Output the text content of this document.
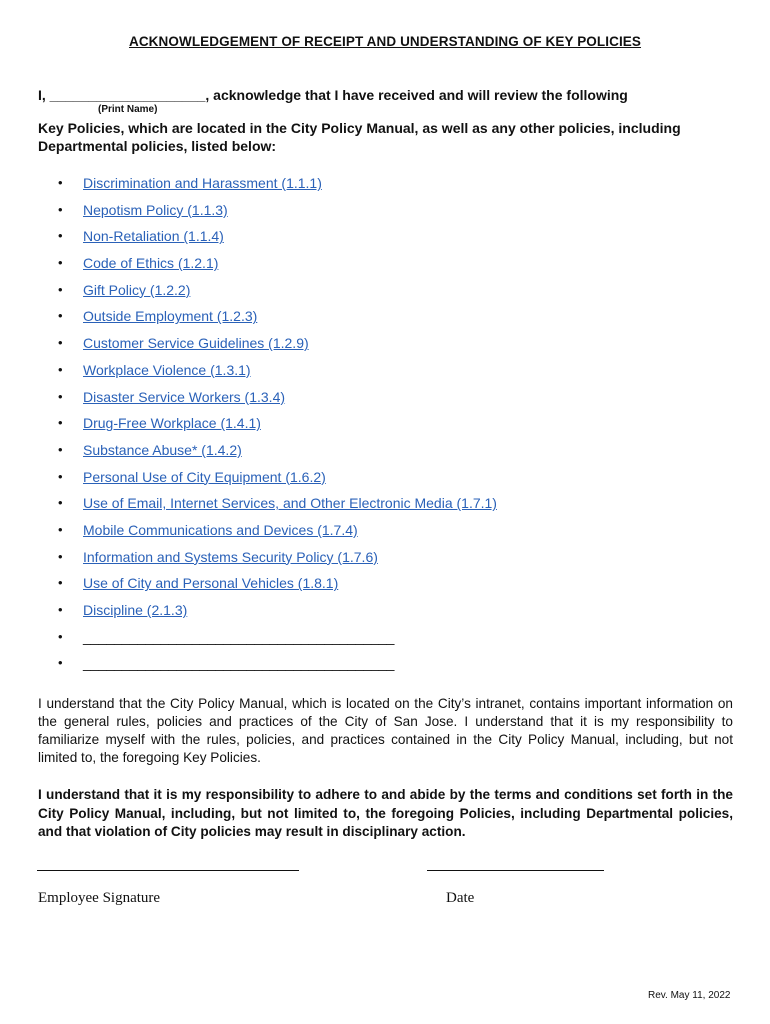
ACKNOWLEDGEMENT OF RECEIPT AND UNDERSTANDING OF KEY POLICIES
I, ____________________, acknowledge that I have received and will review the following
(Print Name)
Key Policies, which are located in the City Policy Manual, as well as any other policies, including Departmental policies, listed below:
• Discrimination and Harassment (1.1.1)
• Nepotism Policy (1.1.3)
• Non-Retaliation (1.1.4)
• Code of Ethics (1.2.1)
• Gift Policy (1.2.2)
• Outside Employment (1.2.3)
• Customer Service Guidelines (1.2.9)
• Workplace Violence (1.3.1)
• Disaster Service Workers (1.3.4)
• Drug-Free Workplace (1.4.1)
• Substance Abuse* (1.4.2)
• Personal Use of City Equipment (1.6.2)
• Use of Email, Internet Services, and Other Electronic Media (1.7.1)
• Mobile Communications and Devices (1.7.4)
• Information and Systems Security Policy (1.7.6)
• Use of City and Personal Vehicles (1.8.1)
• Discipline (2.1.3)
• ________________________________________
• ________________________________________
I understand that the City Policy Manual, which is located on the City’s intranet, contains important information on the general rules, policies and practices of the City of San Jose. I understand that it is my responsibility to familiarize myself with the rules, policies, and practices contained in the City Policy Manual, including, but not limited to, the foregoing Key Policies.
I understand that it is my responsibility to adhere to and abide by the terms and conditions set forth in the City Policy Manual, including, but not limited to, the foregoing Policies, including Departmental policies, and that violation of City policies may result in disciplinary action.
Employee Signature	Date
Rev. May 11, 2022
